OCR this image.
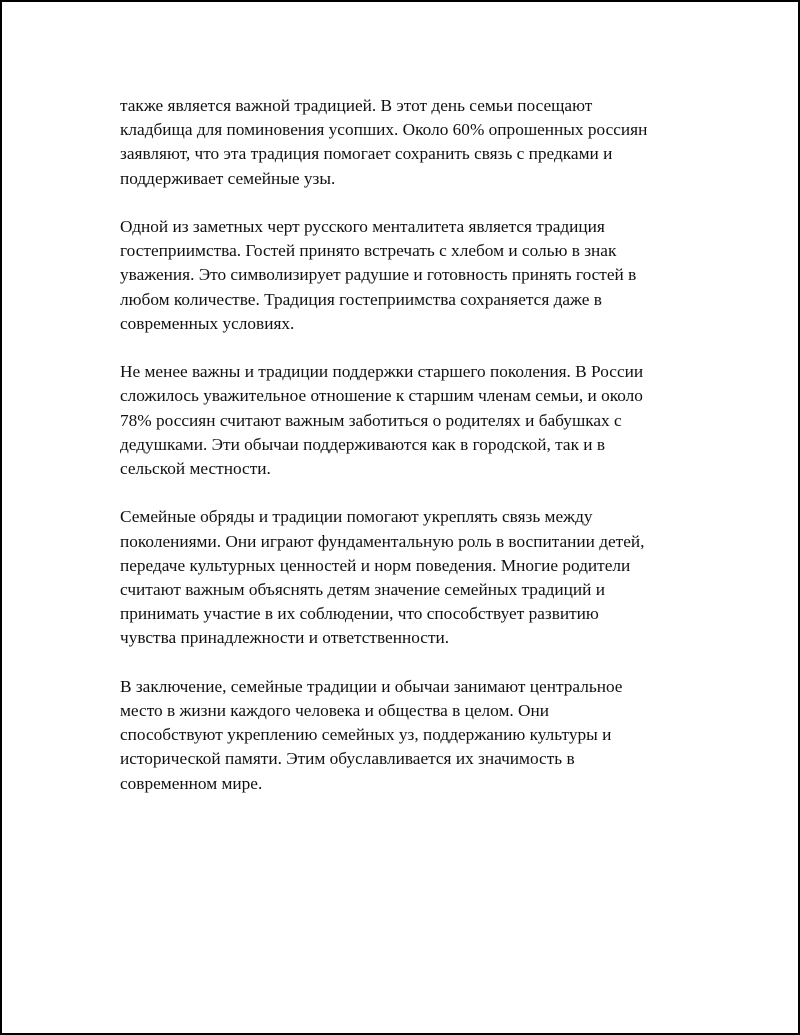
также является важной традицией. В этот день семьи посещают
кладбища для поминовения усопших. Около 60% опрошенных россиян
заявляют, что эта традиция помогает сохранить связь с предками и
поддерживает семейные узы.

Одной из заметных черт русского менталитета является традиция
гостеприимства. Гостей принято встречать с хлебом и солью в знак
уважения. Это символизирует радушие и готовность принять гостей в
любом количестве. Традиция гостеприимства сохраняется даже в
современных условиях.

Не менее важны и традиции поддержки старшего поколения. В России
сложилось уважительное отношение к старшим членам семьи, и около
78% россиян считают важным заботиться о родителях и бабушках с
дедушками. Эти обычаи поддерживаются как в городской, так и в
сельской местности.

Семейные обряды и традиции помогают укреплять связь между
поколениями. Они играют фундаментальную роль в воспитании детей,
передаче культурных ценностей и норм поведения. Многие родители
считают важным объяснять детям значение семейных традиций и
принимать участие в их соблюдении, что способствует развитию
чувства принадлежности и ответственности.

В заключение, семейные традиции и обычаи занимают центральное
место в жизни каждого человека и общества в целом. Они
способствуют укреплению семейных уз, поддержанию культуры и
исторической памяти. Этим обуславливается их значимость в
современном мире.
